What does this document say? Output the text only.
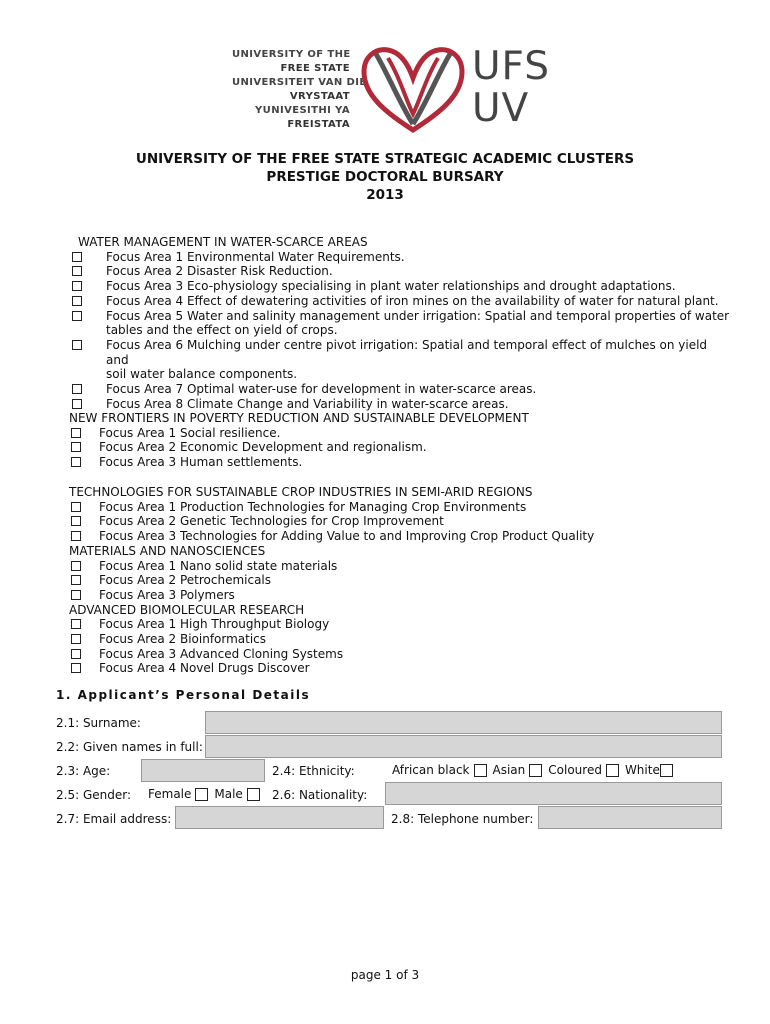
UNIVERSITY OF THE
FREE STATE
UNIVERSITEIT VAN DIE
VRYSTAAT
YUNIVESITHI YA
FREISTATA
UFS
UV
UNIVERSITY OF THE FREE STATE STRATEGIC ACADEMIC CLUSTERS
PRESTIGE DOCTORAL BURSARY
2013
WATER MANAGEMENT IN WATER-SCARCE AREAS
Focus Area 1 Environmental Water Requirements.
Focus Area 2 Disaster Risk Reduction.
Focus Area 3 Eco-physiology specialising in plant water relationships and drought adaptations.
Focus Area 4 Effect of dewatering activities of iron mines on the availability of water for natural plant.
Focus Area 5 Water and salinity management under irrigation: Spatial and temporal properties of water
tables and the effect on yield of crops.
Focus Area 6 Mulching under centre pivot irrigation: Spatial and temporal effect of mulches on yield and
soil water balance components.
Focus Area 7 Optimal water-use for development in water-scarce areas.
Focus Area 8 Climate Change and Variability in water-scarce areas.
NEW FRONTIERS IN POVERTY REDUCTION AND SUSTAINABLE DEVELOPMENT
Focus Area 1 Social resilience.
Focus Area 2 Economic Development and regionalism.
Focus Area 3 Human settlements.
TECHNOLOGIES FOR SUSTAINABLE CROP INDUSTRIES IN SEMI-ARID REGIONS
Focus Area 1 Production Technologies for Managing Crop Environments
Focus Area 2 Genetic Technologies for Crop Improvement
Focus Area 3 Technologies for Adding Value to and Improving Crop Product Quality
MATERIALS AND NANOSCIENCES
Focus Area 1 Nano solid state materials
Focus Area 2 Petrochemicals
Focus Area 3 Polymers
ADVANCED BIOMOLECULAR RESEARCH
Focus Area 1 High Throughput Biology
Focus Area 2 Bioinformatics
Focus Area 3 Advanced Cloning Systems
Focus Area 4 Novel Drugs Discover
1. Applicant’s Personal Details
2.1: Surname:
2.2: Given names in full:
2.3: Age:	2.4: Ethnicity:	African black Asian Coloured White
2.5: Gender: Female Male 2.6: Nationality:
2.7: Email address:	2.8: Telephone number:
page 1 of 3
